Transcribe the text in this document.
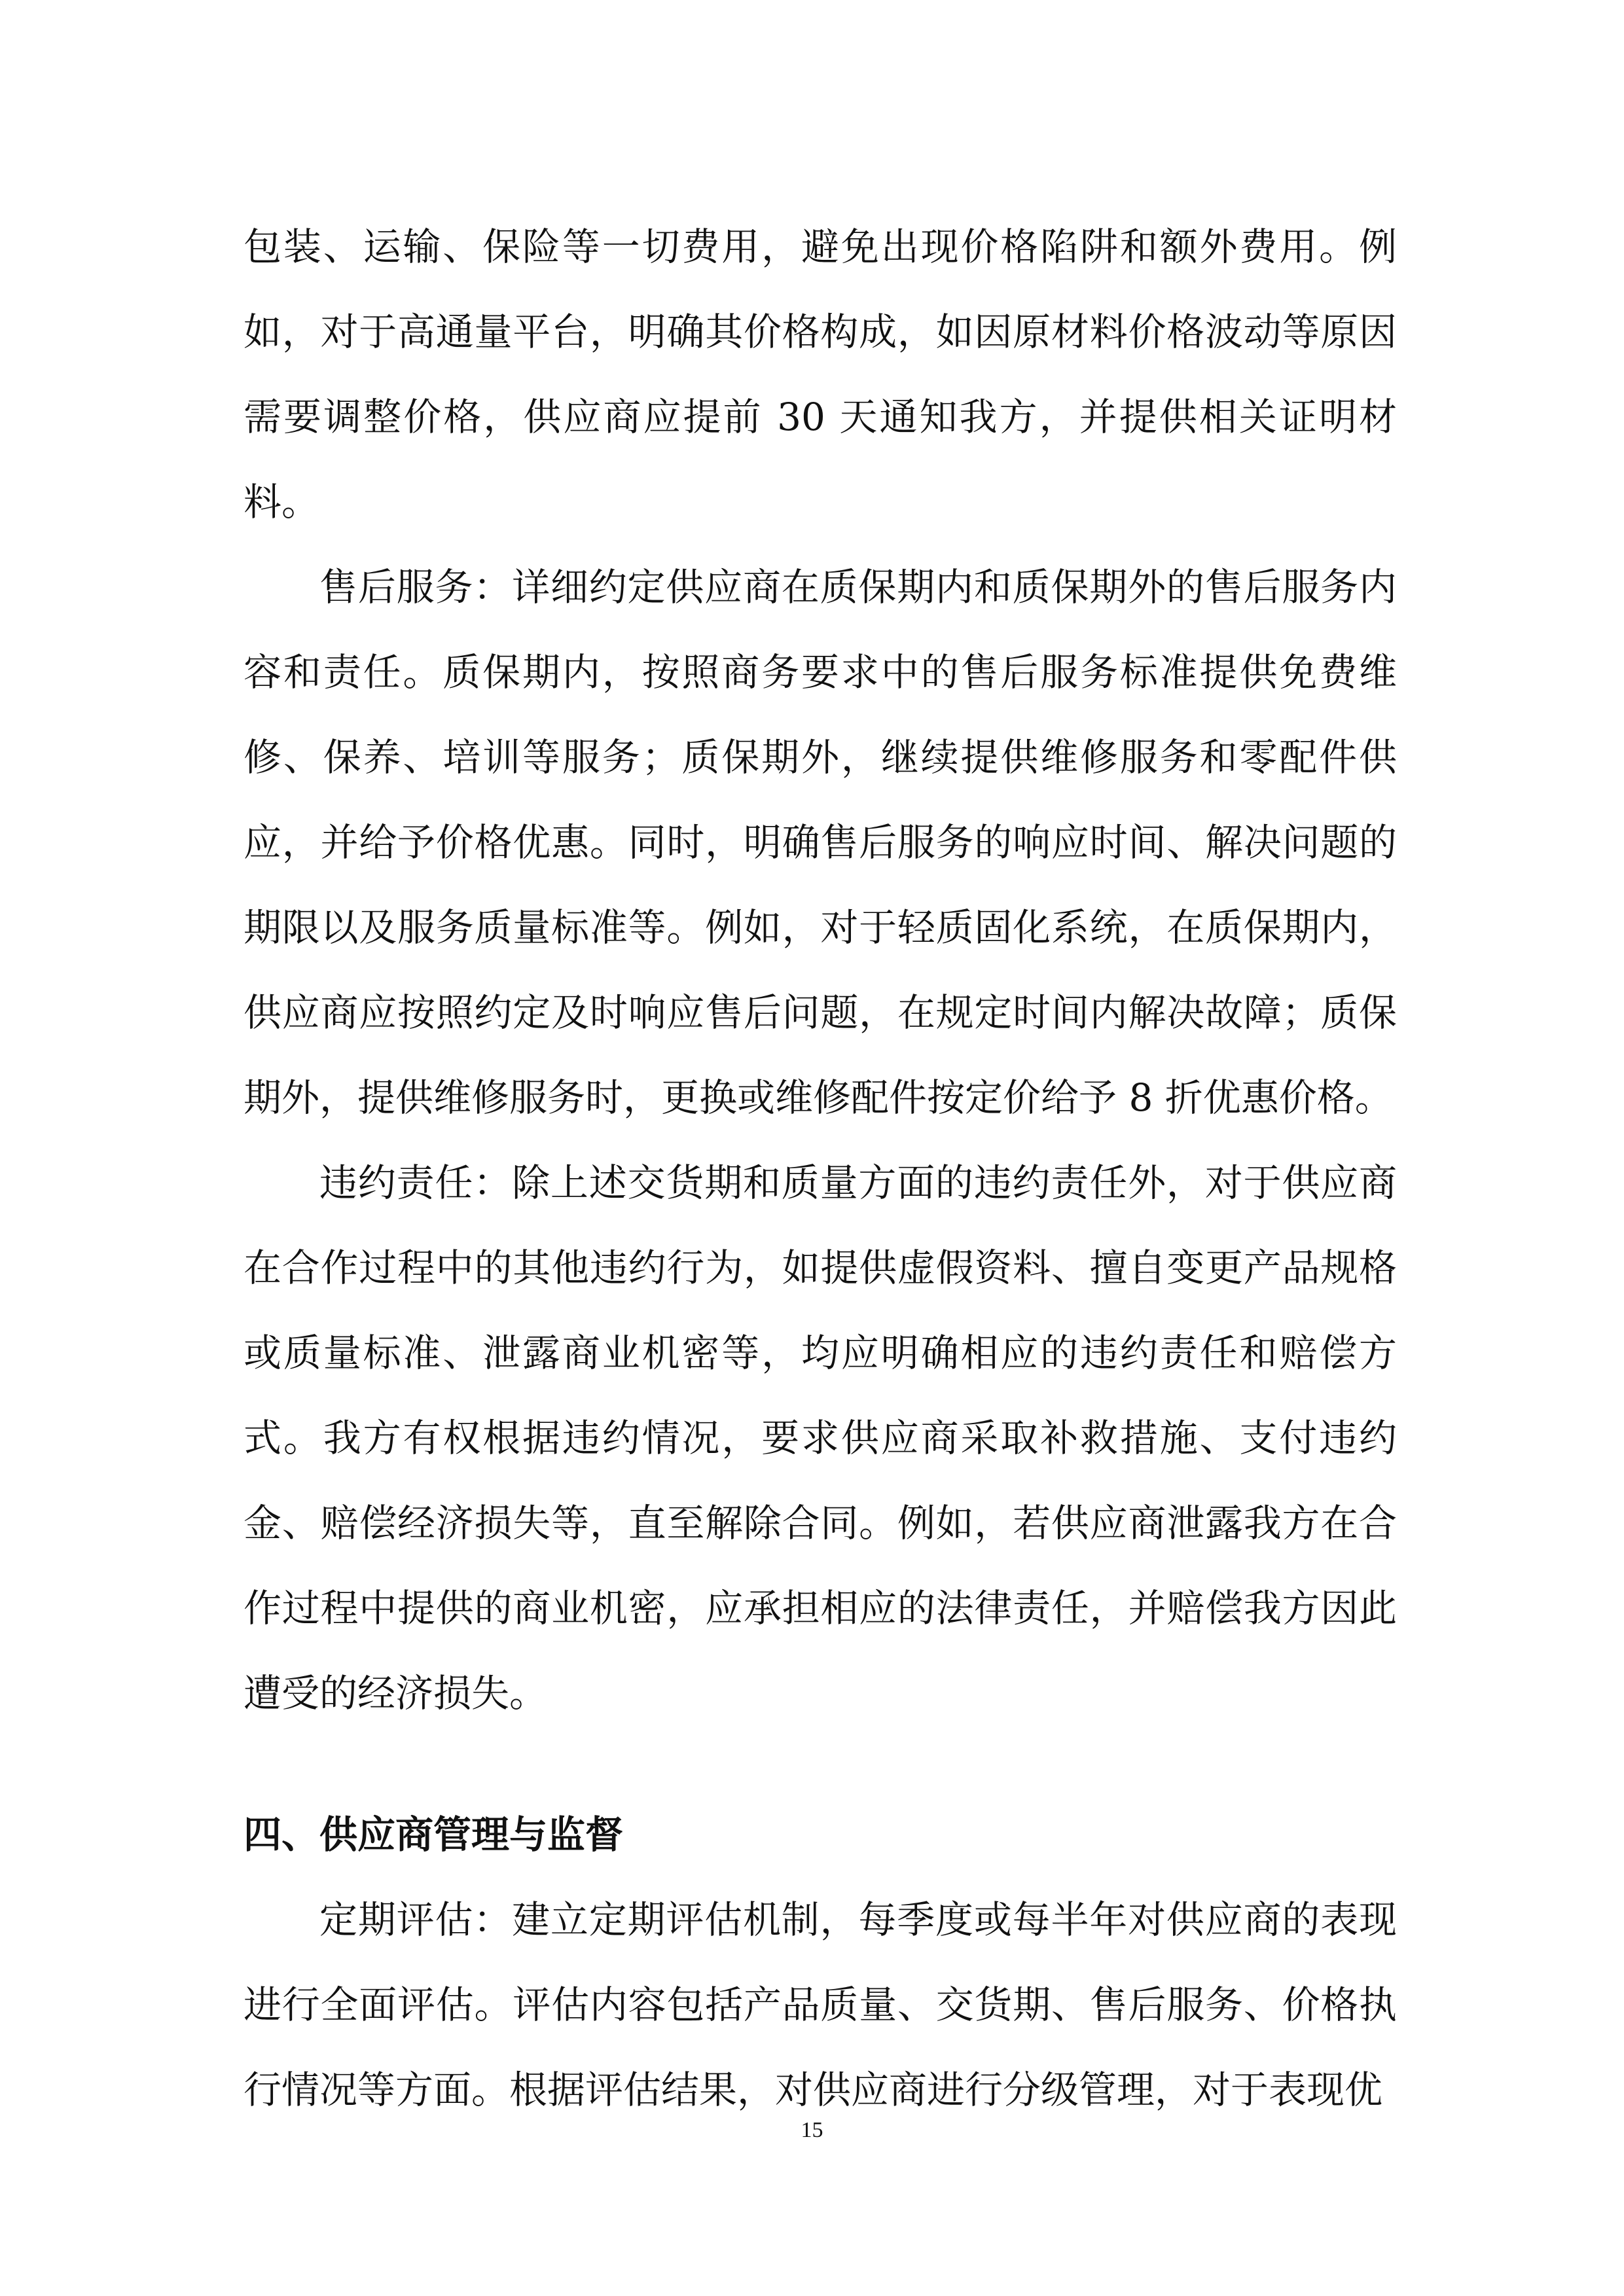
包装、运输、保险等一切费用，避免出现价格陷阱和额外费用。例如，对于高通量平台，明确其价格构成，如因原材料价格波动等原因需要调整价格，供应商应提前 30 天通知我方，并提供相关证明材料。

售后服务：详细约定供应商在质保期内和质保期外的售后服务内容和责任。质保期内，按照商务要求中的售后服务标准提供免费维修、保养、培训等服务；质保期外，继续提供维修服务和零配件供应，并给予价格优惠。同时，明确售后服务的响应时间、解决问题的期限以及服务质量标准等。例如，对于轻质固化系统，在质保期内，供应商应按照约定及时响应售后问题，在规定时间内解决故障；质保期外，提供维修服务时，更换或维修配件按定价给予 8 折优惠价格。

违约责任：除上述交货期和质量方面的违约责任外，对于供应商在合作过程中的其他违约行为，如提供虚假资料、擅自变更产品规格或质量标准、泄露商业机密等，均应明确相应的违约责任和赔偿方式。我方有权根据违约情况，要求供应商采取补救措施、支付违约金、赔偿经济损失等，直至解除合同。例如，若供应商泄露我方在合作过程中提供的商业机密，应承担相应的法律责任，并赔偿我方因此遭受的经济损失。

四、供应商管理与监督

定期评估：建立定期评估机制，每季度或每半年对供应商的表现进行全面评估。评估内容包括产品质量、交货期、售后服务、价格执行情况等方面。根据评估结果，对供应商进行分级管理，对于表现优

15
